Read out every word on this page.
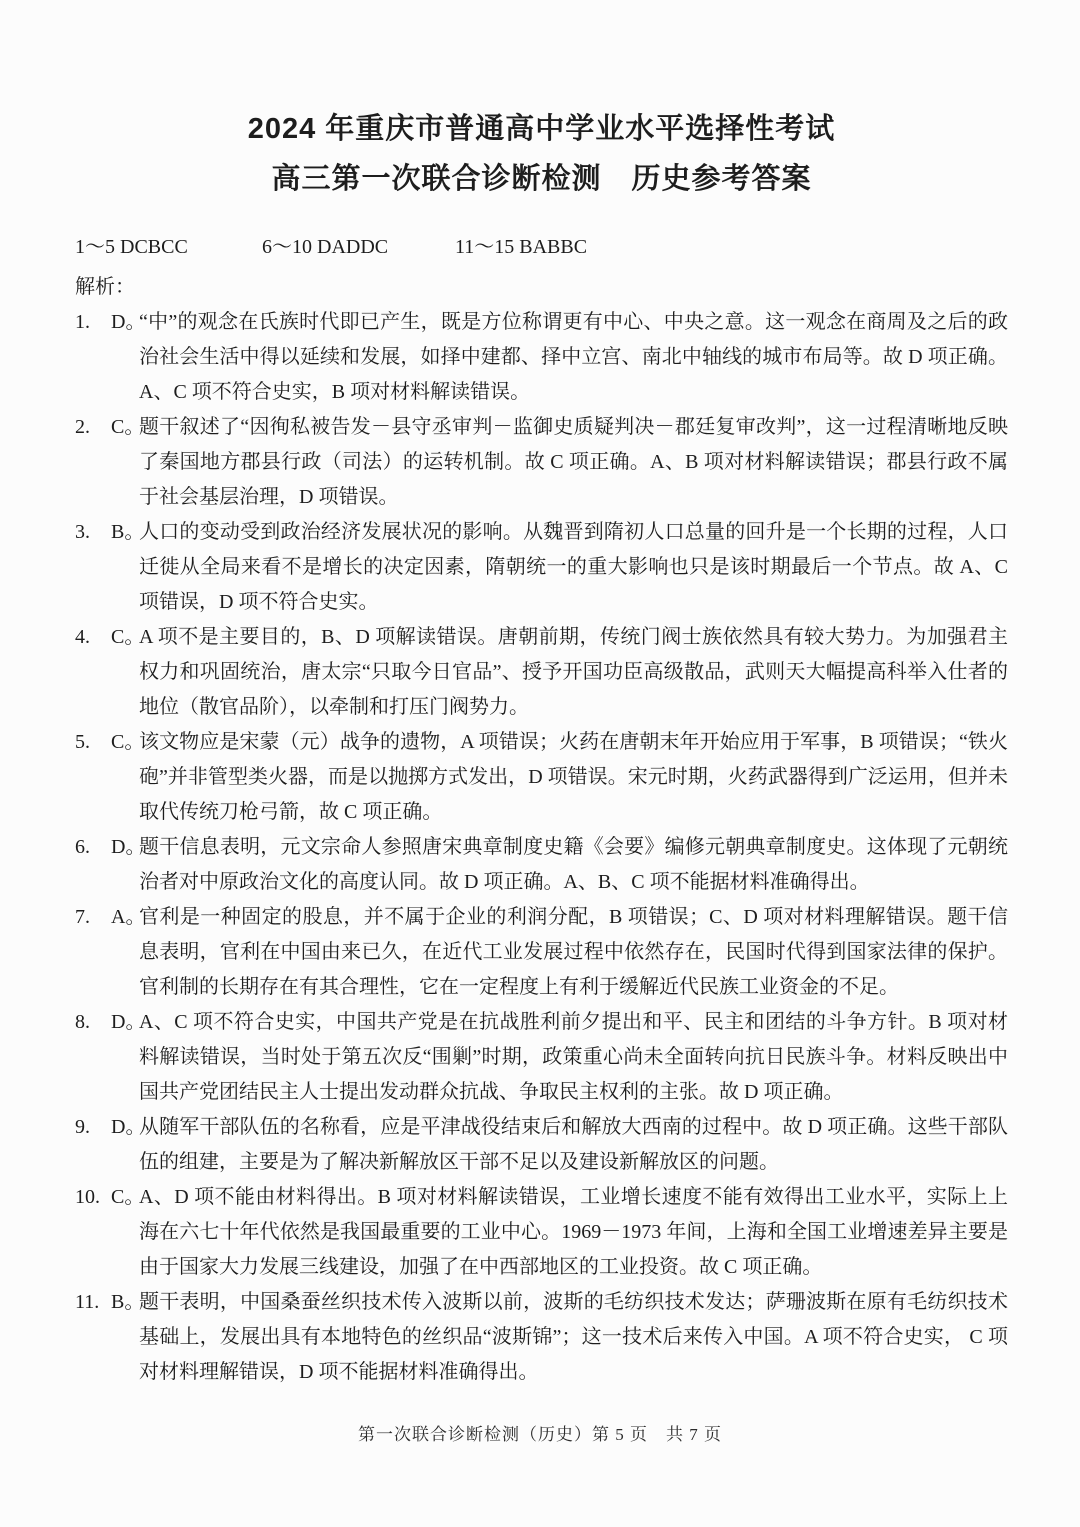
2024 年重庆市普通高中学业水平选择性考试
高三第一次联合诊断检测　历史参考答案
1～5 DCBCC	6～10 DADDC	11～15 BABBC
解析：
1.	D。
“中”的观念在氏族时代即已产生，既是方位称谓更有中心、中央之意。这一观念在商周及之后的政治社会生活中得以延续和发展，如择中建都、择中立宫、南北中轴线的城市布局等。故 D 项正确。A、C 项不符合史实，B 项对材料解读错误。
2.	C。
题干叙述了“因徇私被告发－县守丞审判－监御史质疑判决－郡廷复审改判”，这一过程清晰地反映了秦国地方郡县行政（司法）的运转机制。故 C 项正确。A、B 项对材料解读错误；郡县行政不属于社会基层治理，D 项错误。
3.	B。
人口的变动受到政治经济发展状况的影响。从魏晋到隋初人口总量的回升是一个长期的过程，人口迁徙从全局来看不是增长的决定因素，隋朝统一的重大影响也只是该时期最后一个节点。故 A、C 项错误，D 项不符合史实。
4.	C。
A 项不是主要目的，B、D 项解读错误。唐朝前期，传统门阀士族依然具有较大势力。为加强君主权力和巩固统治，唐太宗“只取今日官品”、授予开国功臣高级散品，武则天大幅提高科举入仕者的地位（散官品阶），以牵制和打压门阀势力。
5.	C。
该文物应是宋蒙（元）战争的遗物，A 项错误；火药在唐朝末年开始应用于军事，B 项错误；“铁火砲”并非管型类火器，而是以抛掷方式发出，D 项错误。宋元时期，火药武器得到广泛运用，但并未取代传统刀枪弓箭，故 C 项正确。
6.	D。
题干信息表明，元文宗命人参照唐宋典章制度史籍《会要》编修元朝典章制度史。这体现了元朝统治者对中原政治文化的高度认同。故 D 项正确。A、B、C 项不能据材料准确得出。
7.	A。
官利是一种固定的股息，并不属于企业的利润分配，B 项错误；C、D 项对材料理解错误。题干信息表明，官利在中国由来已久，在近代工业发展过程中依然存在，民国时代得到国家法律的保护。官利制的长期存在有其合理性，它在一定程度上有利于缓解近代民族工业资金的不足。
8.	D。
A、C 项不符合史实，中国共产党是在抗战胜利前夕提出和平、民主和团结的斗争方针。B 项对材料解读错误，当时处于第五次反“围剿”时期，政策重心尚未全面转向抗日民族斗争。材料反映出中国共产党团结民主人士提出发动群众抗战、争取民主权利的主张。故 D 项正确。
9.	D。
从随军干部队伍的名称看，应是平津战役结束后和解放大西南的过程中。故 D 项正确。这些干部队伍的组建，主要是为了解决新解放区干部不足以及建设新解放区的问题。
10. C。
A、D 项不能由材料得出。B 项对材料解读错误，工业增长速度不能有效得出工业水平，实际上上海在六七十年代依然是我国最重要的工业中心。1969－1973 年间，上海和全国工业增速差异主要是由于国家大力发展三线建设，加强了在中西部地区的工业投资。故 C 项正确。
11. B。
题干表明，中国桑蚕丝织技术传入波斯以前，波斯的毛纺织技术发达；萨珊波斯在原有毛纺织技术基础上，发展出具有本地特色的丝织品“波斯锦”；这一技术后来传入中国。A 项不符合史实， C 项对材料理解错误，D 项不能据材料准确得出。
第一次联合诊断检测（历史）第 5 页　共 7 页
